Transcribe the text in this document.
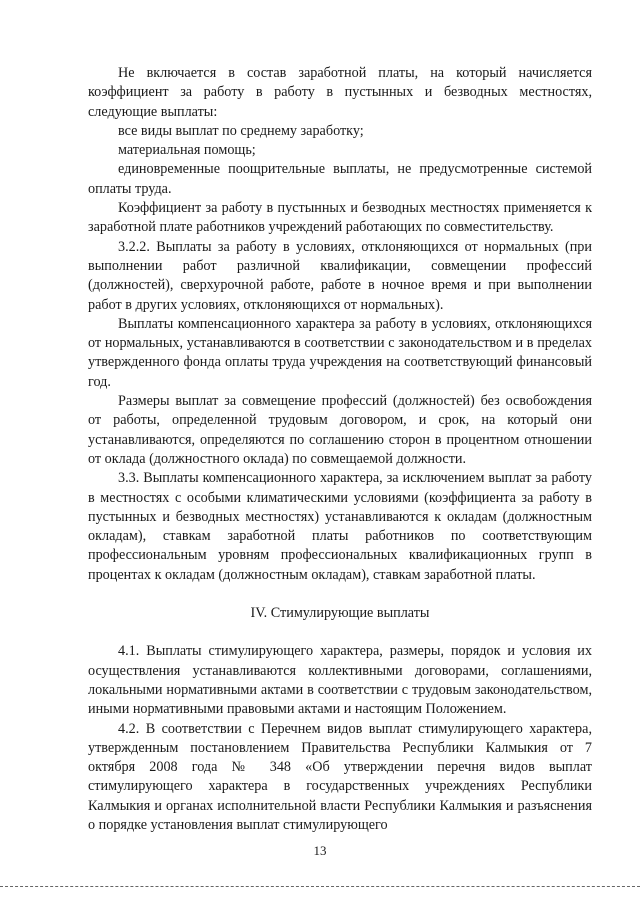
Не включается в состав заработной платы, на который начисляется коэффициент за работу в работу в пустынных и безводных местностях, следующие выплаты:

все виды выплат по среднему заработку;

материальная помощь;

единовременные поощрительные выплаты, не предусмотренные системой оплаты труда.

Коэффициент за работу в пустынных и безводных местностях применяется к заработной плате работников учреждений работающих по совместительству.

3.2.2. Выплаты за работу в условиях, отклоняющихся от нормальных (при выполнении работ различной квалификации, совмещении профессий (должностей), сверхурочной работе, работе в ночное время и при выполнении работ в других условиях, отклоняющихся от нормальных).

Выплаты компенсационного характера за работу в условиях, отклоняющихся от нормальных, устанавливаются в соответствии с законодательством и в пределах утвержденного фонда оплаты труда учреждения на соответствующий финансовый год.

Размеры выплат за совмещение профессий (должностей) без освобождения от работы, определенной трудовым договором, и срок, на который они устанавливаются, определяются по соглашению сторон в процентном отношении от оклада (должностного оклада) по совмещаемой должности.

3.3. Выплаты компенсационного характера, за исключением выплат за работу в местностях с особыми климатическими условиями (коэффициента за работу в пустынных и безводных местностях) устанавливаются к окладам (должностным окладам), ставкам заработной платы работников по соответствующим профессиональным уровням профессиональных квалификационных групп в процентах к окладам (должностным окладам), ставкам заработной платы.

IV. Стимулирующие выплаты

4.1. Выплаты стимулирующего характера, размеры, порядок и условия их осуществления устанавливаются коллективными договорами, соглашениями, локальными нормативными актами в соответствии с трудовым законодательством, иными нормативными правовыми актами и настоящим Положением.

4.2. В соответствии с Перечнем видов выплат стимулирующего характера, утвержденным постановлением Правительства Республики Калмыкия от 7 октября 2008 года № 348 «Об утверждении перечня видов выплат стимулирующего характера в государственных учреждениях Республики Калмыкия и органах исполнительной власти Республики Калмыкия и разъяснения о порядке установления выплат стимулирующего

13
